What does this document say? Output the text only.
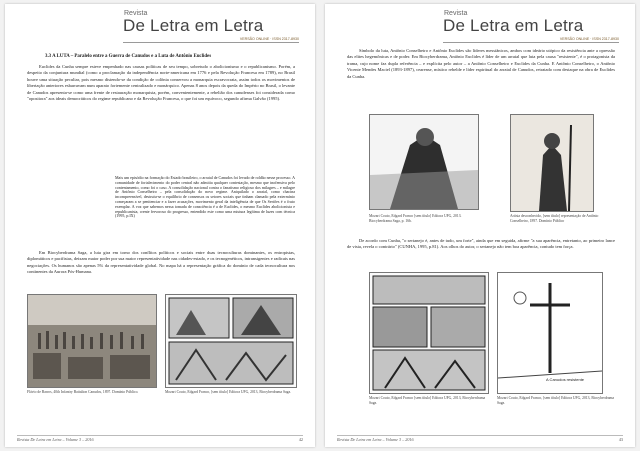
Revista
De Letra em Letra
VERSÃO ONLINE · ISSN 2317-8930
3.3 A LUTA – Paralelo entre a Guerra de Canudos e a Luta de Antônio Euclides

Euclides da Cunha sempre esteve empenhado nas causas políticas de seu tempo, sobretudo o abolicionismo e o republicanismo. Porém, a despeito da conjuntura mundial (como a proclamação da independência norte-americana em 1776 e pela Revolução Francesa em 1789), no Brasil houve uma situação peculiar, pois mesmo distendo-se da condição de colônia conservou a monarquia escravocrata, assim todos os movimentos de libertação anteriores esbarravam num aparato fortemente centralizado e monárquico. Apenas 8 anos depois da queda do Império no Brasil, o levante de Canudos apresenta-se como uma frente de restauração monarquista, porém, convenientemente, a rebelião dos canudenses foi considerada como "opositora" aos ideais democráticos do regime republicano e da Revolução Francesa, o que foi um equívoco, segundo afirma Galvão (1995).

Mais um episódio na formação do Estado brasileiro, o arraial de Canudos foi levado de roldão nesse processo. A comunidade de fortalecimento do poder central não admitia qualquer contestação, mesmo que inofensiva pelo contentamento, como foi o caso. A consolidação nacional contra o fanatismo religioso dos milagres – e milagre de Antônio Conselheiro – pela consolidação do novo regime. Aniquilado o arraial, como chacina incompreensível, destruiu-se o equilíbrio de consensos os setores sociais que tinham clamado pela extermínio começaram a se penitenciar e a fazer acusações, movimento geral da inteligência de que Os Sertões é o fruto exemplar. A voz que sabemos nessa tomada de consciência é a de Euclides, o mesmo Euclides abolicionista e republicanista, crente fervoroso do progresso, entendido este como uma mistura legítima de luzes com técnica (1995, p.IX)

Em Biocyberdrama Saga, a luta gira em torno dos conflitos políticos e sociais entre duas tecnoculturas dominantes, os entropistas, diplomáticos e pacifistas, deixam maior poder por sua maior representatividade nas cidades-estado, e os tecnogenéticos, intransigentes e radicais nas negociações. Os humanos são apenas 5% da representatividade global. No mapa há a representação gráfica do domínio de cada tecnocultura nos continentes da Aurora Pós-Humana.

Flávio de Barros, 40th Infantry Battalion Canudos, 1897. Domínio Público.	Mozart Couto, Edgard Franco, [sem título] Editora UFG, 2013, Biocyberdrama Saga.
Revista De Letra em Letra – Volume 3 – 2016	42
Revista
De Letra em Letra
VERSÃO ONLINE · ISSN 2317-8930

Símbolo da luta, Antônio Conselheiro e Antônio Euclides são líderes messiânicos, ambos com ideário utópico da resistência ante a opressão das elites hegemônicas e de poder. Em Biocyberdrama, Antônio Euclides é líder de um arraial que luta pela causa "resistente", é o protagonista da trama, cujo nome faz dupla referência – e explícita pelo autor – a Antônio Conselheiro e Euclides da Cunha. E Antônio Conselheiro, o Antônio Vicente Mendes Maciel (1893-1897), cearense, místico rebelde e líder espiritual do arraial de Canudos, retratado com destaque na obra de Euclides da Cunha.

Mozart Couto, Edgard Franco [sem título] Editora UFG, 2013. Biocyberdrama Saga, p. 16b.
Artista desconhecido, [sem título] representação de Antônio Conselheiro, 1897. Domínio Público

De acordo com Cunha, "o sertanejo é, antes de tudo, um forte", ainda que em seguida, afirme "a sua aparência, entretanto, ao primeiro lance de vista, revela o contrário" (CUNHA, 1995, p.81). Aos olhos do autor, o sertanejo não tem boa aparência, contudo tem força.

Mozart Couto, Edgard Franco [sem título] Editora UFG, 2013, Biocyberdrama Saga.
A Canudos resistente
Mozart Couto, Edgard Franco, [sem título] Editora UFG, 2013, Biocyberdrama Saga.
Revista De Letra em Letra – Volume 3 – 2016	43
